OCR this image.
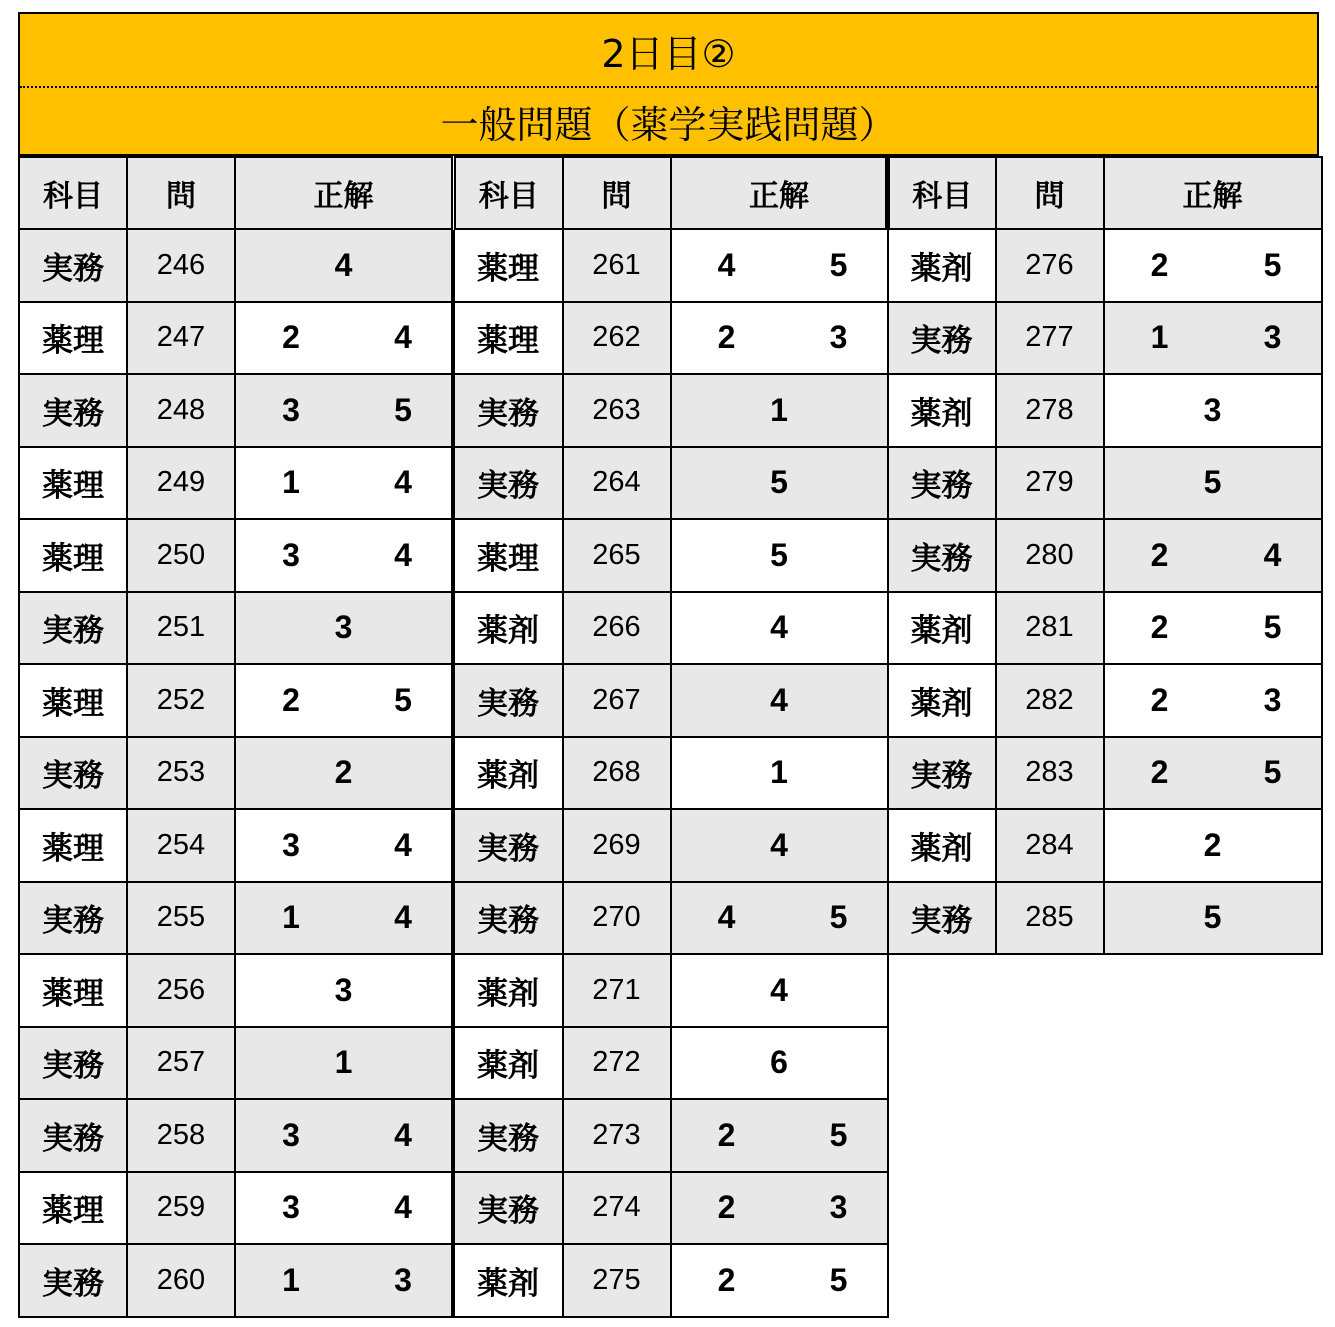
2日目②
一般問題（薬学実践問題）
科目	問	正解
実務	246	4
薬理	247	2 4

実務	248	3 5

薬理	249	1 4

薬理	250	3 4

実務	251	3
薬理	252	2 5

実務	253	2
薬理	254	3 4

実務	255	1 4

薬理	256	3
実務	257	1
実務	258	3 4

薬理	259	3 4

実務	260	1 3
科目	問	正解
薬理	261	4 5

薬理	262	2 3

実務	263	1
実務	264	5
薬理	265	5
薬剤	266	4
実務	267	4
薬剤	268	1
実務	269	4
実務	270	4 5

薬剤	271	4
薬剤	272	6
実務	273	2 5

実務	274	2 3

薬剤	275	2 5
科目	問	正解
薬剤	276	2 5

実務	277	1 3

薬剤	278	3
実務	279	5
実務	280	2 4

薬剤	281	2 5

薬剤	282	2 3

実務	283	2 5

薬剤	284	2
実務	285	5
